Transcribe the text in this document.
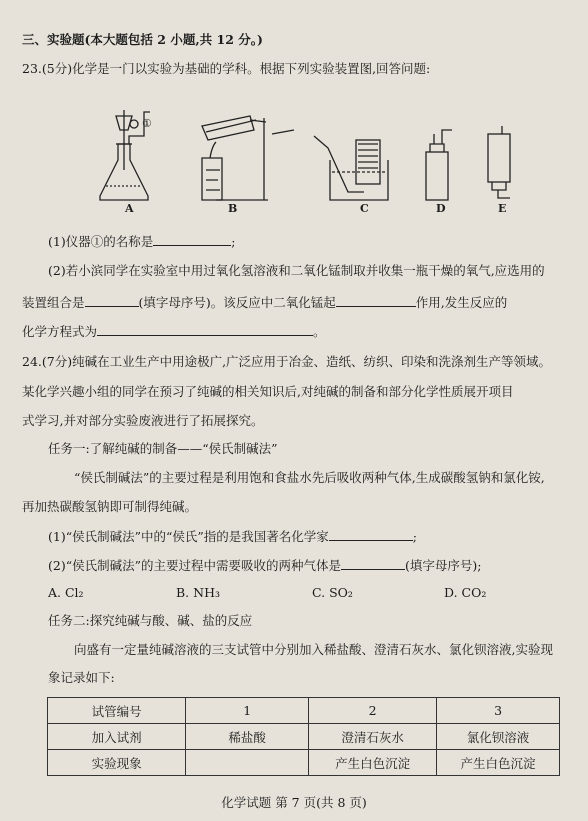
三、实验题(本大题包括 2 小题,共 12 分。)
23.(5分)化学是一门以实验为基础的学科。根据下列实验装置图,回答问题:
A	B	C	D	E
①
(1)仪器①的名称是	;
(2)若小滨同学在实验室中用过氧化氢溶液和二氧化锰制取并收集一瓶干燥的氧气,应选用的
装置组合是	(填字母序号)。该反应中二氧化锰起	作用,发生反应的
化学方程式为	。
24.(7分)纯碱在工业生产中用途极广,广泛应用于冶金、造纸、纺织、印染和洗涤剂生产等领域。
某化学兴趣小组的同学在预习了纯碱的相关知识后,对纯碱的制备和部分化学性质展开项目
式学习,并对部分实验废液进行了拓展探究。
任务一:了解纯碱的制备——“侯氏制碱法”
“侯氏制碱法”的主要过程是利用饱和食盐水先后吸收两种气体,生成碳酸氢钠和氯化铵,
再加热碳酸氢钠即可制得纯碱。
(1)“侯氏制碱法”中的“侯氏”指的是我国著名化学家	;
(2)“侯氏制碱法”的主要过程中需要吸收的两种气体是	(填字母序号);
A. Cl₂	B. NH₃	C. SO₂	D. CO₂
任务二:探究纯碱与酸、碱、盐的反应
向盛有一定量纯碱溶液的三支试管中分别加入稀盐酸、澄清石灰水、氯化钡溶液,实验现
象记录如下:
试管编号	1	2	3
加入试剂	稀盐酸	澄清石灰水	氯化钡溶液
实验现象		产生白色沉淀	产生白色沉淀
化学试题 第 7 页(共 8 页)
